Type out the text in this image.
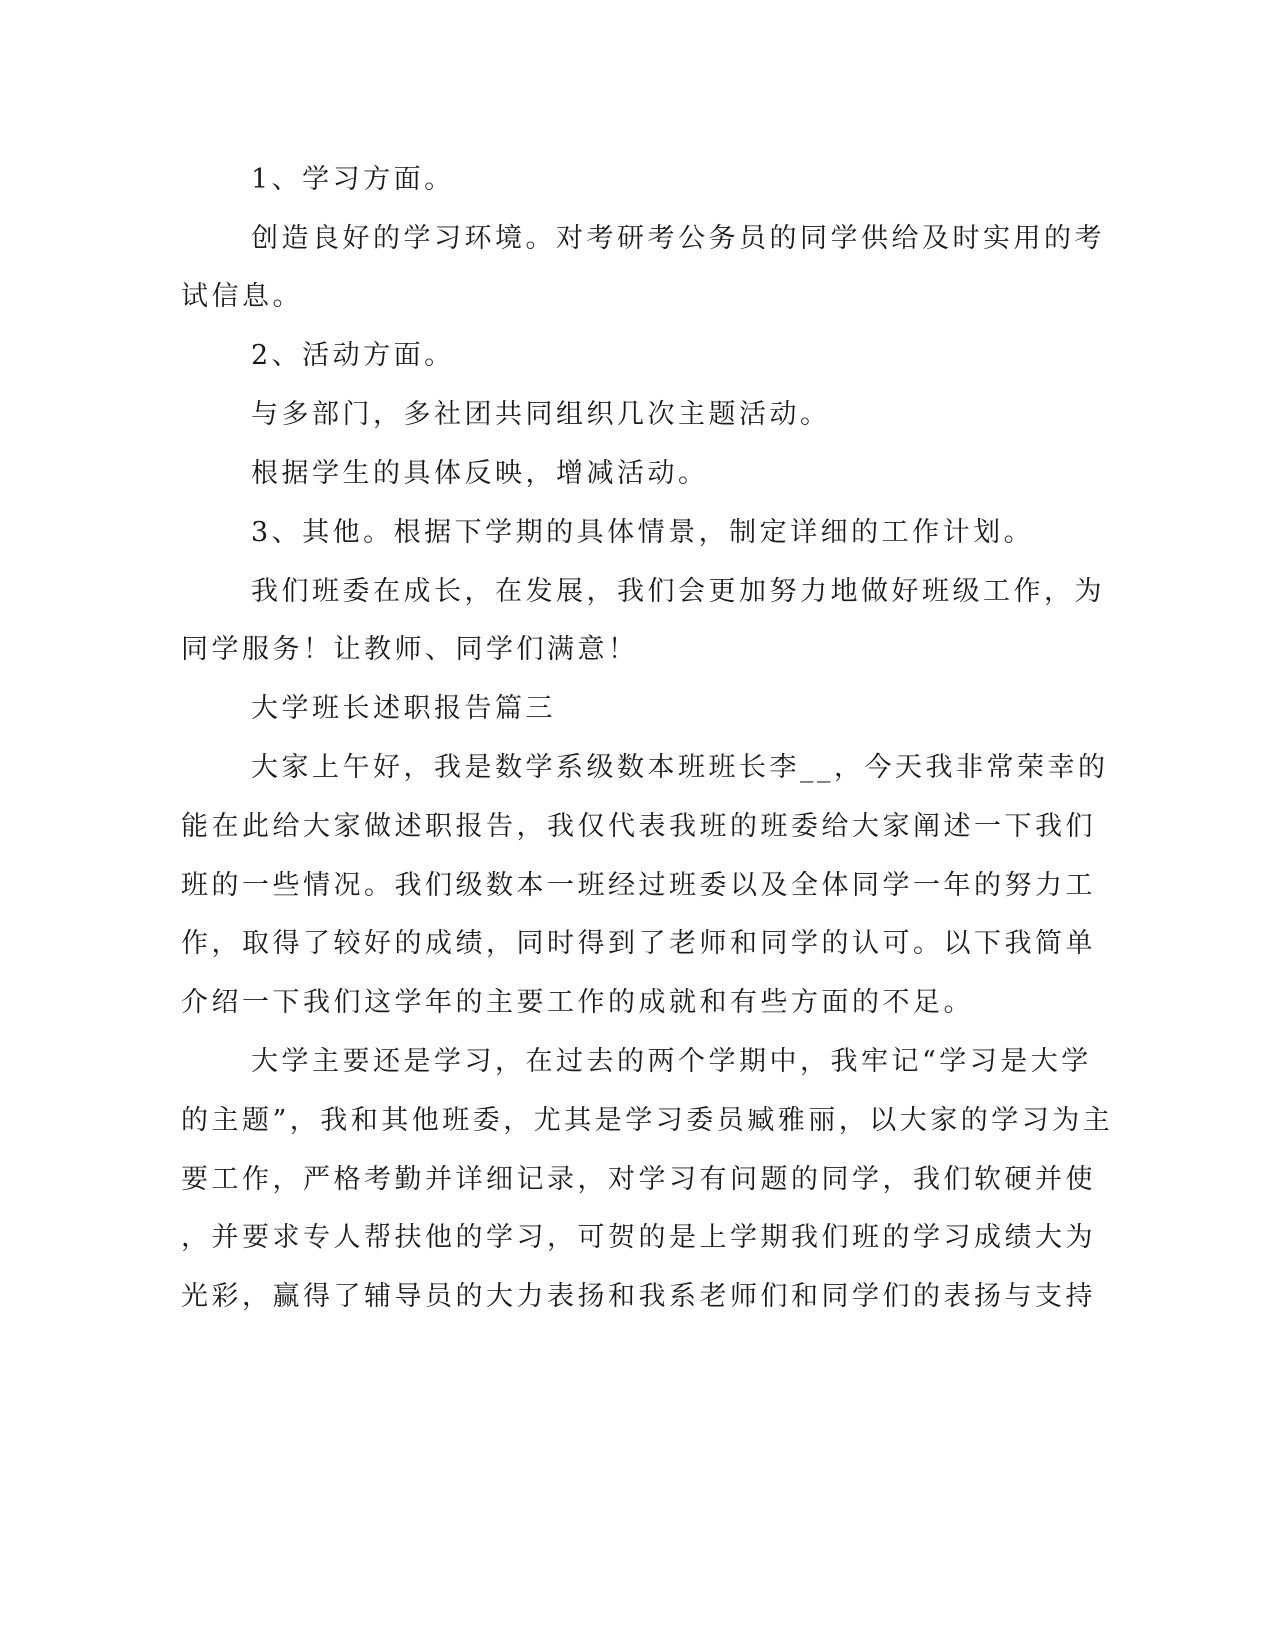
1、学习方面。
创造良好的学习环境。对考研考公务员的同学供给及时实用的考
试信息。
2、活动方面。
与多部门，多社团共同组织几次主题活动。
根据学生的具体反映，增减活动。
3、其他。根据下学期的具体情景，制定详细的工作计划。
我们班委在成长，在发展，我们会更加努力地做好班级工作，为
同学服务！让教师、同学们满意！
大学班长述职报告篇三
大家上午好，我是数学系级数本班班长李__，今天我非常荣幸的
能在此给大家做述职报告，我仅代表我班的班委给大家阐述一下我们
班的一些情况。我们级数本一班经过班委以及全体同学一年的努力工
作，取得了较好的成绩，同时得到了老师和同学的认可。以下我简单
介绍一下我们这学年的主要工作的成就和有些方面的不足。
大学主要还是学习，在过去的两个学期中，我牢记“学习是大学
的主题”，我和其他班委，尤其是学习委员臧雅丽，以大家的学习为主
要工作，严格考勤并详细记录，对学习有问题的同学，我们软硬并使
，并要求专人帮扶他的学习，可贺的是上学期我们班的学习成绩大为
光彩，赢得了辅导员的大力表扬和我系老师们和同学们的表扬与支持
